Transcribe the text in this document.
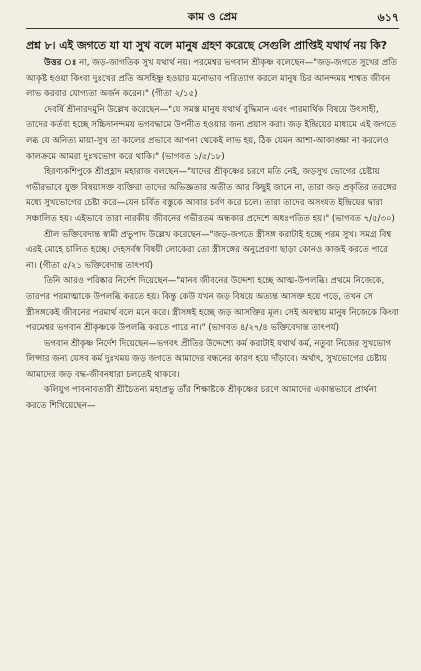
কাম ও প্রেম	৬১৭

প্রশ্ন ৮। এই জগতে যা যা সুখ বলে মানুষ গ্রহণ করেছে সেগুলি প্রাপ্তিই যথার্থ নয় কি?

উত্তর ঃ না, জড়-জাগতিক সুখ যথার্থ নয়। পরমেশ্বর ভগবান শ্রীকৃষ্ণ বলেছেন—"জড়-জগতে সুখের প্রতি আকৃষ্ট হওয়া কিংবা দুঃখের প্রতি অসহিষ্ণু হওয়ার মনোভাব পরিত্যাগ করলে মানুষ চির আনন্দময় শাশ্বত জীবন লাভ করবার যোগ্যতা অর্জন করেন।" (গীতা ২/১৫)

দেবর্ষি শ্রীনারদমুনি উল্লেখ করেছেন—"যে সমস্ত মানুষ যথার্থ বুদ্ধিমান এবং পারমার্থিক বিষয়ে উৎসাহী, তাদের কর্তব্য হচ্ছে সচ্চিদানন্দময় ভগবদ্ধামে উপনীত হওয়ার জন্য প্রয়াস করা। জড় ইন্দ্রিয়ের মাধ্যমে এই জগতে লব্ধ যে অনিত্য মায়া-সুখ তা কালের প্রভাবে আপনা থেকেই লাভ হয়, ঠিক যেমন আশা-আকাঙ্ক্ষা না করলেও কালক্রমে আমরা দুঃখভোগ করে থাকি।" (ভাগবত ১/৫/১৮)

হিরণ্যকশিপুকে শ্রীপ্রহ্লাদ মহারাজ বলছেন—"যাদের শ্রীকৃষ্ণের চরণে মতি নেই, জড়সুখ ভোগের চেষ্টায় গভীরভাবে যুক্ত বিষয়াসক্ত ব্যক্তিরা তাদের অভিজ্ঞতার অতীত আর কিছুই জানে না, তারা জড় প্রকৃতির তরঙ্গের মধ্যে সুখভোগের চেষ্টা করে—যেন চর্বিত বস্তুকে আবার চর্বণ করে চলে। তারা তাদের অসংযত ইন্দ্রিয়ের দ্বারা সঞ্চালিত হয়। এইভাবে তারা নারকীয় জীবনের গভীরতম অন্ধকার প্রদেশে অধঃপতিত হয়।" (ভাগবত ৭/৫/৩০)

শ্রীল ভক্তিবেদান্ত স্বামী প্রভুপাদ উল্লেখ করেছেন—"জড়-জগতে স্ত্রীসঙ্গ করাটাই হচ্ছে পরম সুখ। সমগ্র বিশ্ব এরই মোহে চালিত হচ্ছে। দেহসর্বস্ব বিষয়ী লোকেরা তো স্ত্রীসঙ্গের অনুপ্রেরণা ছাড়া কোনও কাজই করতে পারে না। (গীতা ৫/২১ ভক্তিবেদান্ত তাৎপর্য)

তিনি আরও পরিষ্কার নির্দেশ দিয়েছেন—"মানব জীবনের উদ্দেশ্য হচ্ছে আত্ম-উপলব্ধি। প্রথমে নিজেকে, তারপর পরমাত্মাকে উপলব্ধি করতে হয়। কিন্তু কেউ যখন জড় বিষয়ে অত্যন্ত আসক্ত হয়ে পড়ে, তখন সে স্ত্রীসঙ্গকেই জীবনের পরমার্থ বলে মনে করে। স্ত্রীসঙ্গই হচ্ছে জড় আসক্তির মূল। সেই অবস্থায় মানুষ নিজেকে কিংবা পরমেশ্বর ভগবান শ্রীকৃষ্ণকে উপলব্ধি করতে পারে না।" (ভাগবত ৪/২৭/৪ ভক্তিবেদান্ত তাৎপর্য)

ভগবান শ্রীকৃষ্ণ নির্দেশ দিয়েছেন—ভগবৎ প্রীতির উদ্দেশ্যে কর্ম করাটাই যথার্থ কর্ম, নতুবা নিজের সুখভোগ লিপ্সার জন্য যেসব কর্ম দুঃখময় জড় জগতে আমাদের বন্ধনের কারণ হয়ে দাঁড়াবে। অর্থাৎ, সুখভোগের চেষ্টায় আমাদের জড় বদ্ধ-জীবনধারা চলতেই থাকবে।

কলিযুগ পাবনাবতারী শ্রীচৈতন্য মহাপ্রভু তাঁর শিক্ষাষ্টকে শ্রীকৃষ্ণের চরণে আমাদের একান্তভাবে প্রার্থনা করতে শিখিয়েছেন—
